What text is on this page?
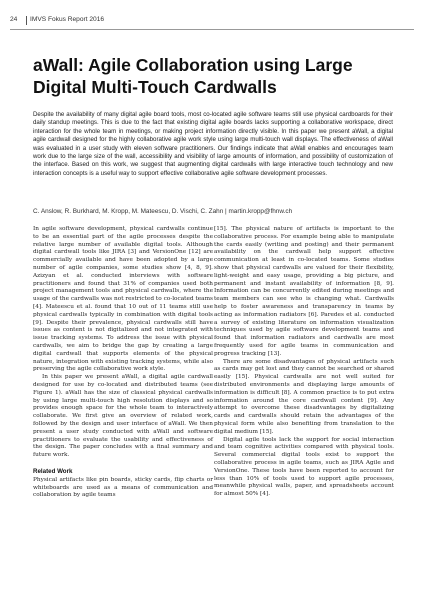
24 IMVS Fokus Report 2016
aWall: Agile Collaboration using Large Digital Multi-Touch Cardwalls

Despite the availability of many digital agile board tools, most co-located agile software teams still use physical cardboards for their daily standup meetings. This is due to the fact that existing digital agile boards lacks supporting a collaborative workspace, direct interaction for the whole team in meetings, or making project information directly visible. In this paper we present aWall, a digital agile cardwall designed for the highly collaborative agile work style using large multi-touch wall displays. The effectiveness of aWall was evaluated in a user study with eleven software practitioners. Our findings indicate that aWall enables and encourages team work due to the large size of the wall, accessibility and visibility of large amounts of information, and possibility of customization of the interface. Based on this work, we suggest that augmenting digital cardwalls with large interactive touch technology and new interaction concepts is a useful way to support effective collaborative agile software development processes.

C. Anslow, R. Burkhard, M. Kropp, M. Mateescu, D. Vischi, C. Zahn | martin.kropp@fhnw.ch

In agile software development, physical cardwalls continue to be an essential part of the agile processes despite the relative large number of available digital tools. Although digital cardwall tools like JIRA [3] and VersionOne [12] are commercially available and have been adopted by a large number of agile companies, some studies show [4, 8, 9]. Azizyan et al. conducted interviews with software practitioners and found that 31% of companies used both project management tools and physical cardwalls, where the usage of the cardwalls was not restricted to co-located teams [4]. Mateescu et al. found that 10 out of 11 teams still use physical cardwalls typically in combination with digital tools [9]. Despite their prevalence, physical cardwalls still have issues as content is not digitalized and not integrated with issue tracking systems. To address the issue with physical cardwalls, we aim to bridge the gap by creating a large digital cardwall that supports elements of the physical nature, integration with existing tracking systems, while also preserving the agile collaborative work style.

In this paper we present aWall, a digital agile cardwall designed for use by co-located and distributed teams (see Figure 1). aWall has the size of classical physical cardwalls by using large multi-touch high resolution displays and so provides enough space for the whole team to interactively collaborate. We first give an overview of related work, followed by the design and user interface of aWall. We then present a user study conducted with aWall and software practitioners to evaluate the usability and effectiveness of the design. The paper concludes with a final summary and future work.

Related Work

Physical artifacts like pin boards, sticky cards, flip charts or whiteboards are used as a means of communication and collaboration by agile teams

[15]. The physical nature of artifacts is important to the collaborative process. For example being able to manipulate the cards easily (writing and posting) and their permanent availability on the cardwall help support effective communication at least in co-located teams. Some studies show that physical cardwalls are valued for their flexibility, light-weight and easy usage, providing a big picture, and permanent and instant availability of information [8, 9]. Information can be concurrently edited during meetings and team members can see who is changing what. Cardwalls help to foster awareness and transparency in teams by acting as information radiators [6]. Paredes et al. conducted a survey of existing literature on information visualization techniques used by agile software development teams and found that information radiators and cardwalls are most frequently used for agile teams in communication and progress tracking [13].

There are some disadvantages of physical artifacts such as cards may get lost and they cannot be searched or shared easily [15]. Physical cardwalls are not well suited for distributed environments and displaying large amounts of information is difficult [8]. A common practice is to put extra information around the core cardwall content [9]. Any attempt to overcome these disadvantages by digitalizing cards and cardwalls should retain the advantages of the physical form while also benefiting from translation to the digital medium [15].

Digital agile tools lack the support for social interaction and team cognitive activities compared with physical tools. Several commercial digital tools exist to support the collaborative process in agile teams, such as JIRA Agile and VersionOne. These tools have been reported to account for less than 10% of tools used to support agile processes, meanwhile physical walls, paper, and spreadsheets account for almost 50% [4].
